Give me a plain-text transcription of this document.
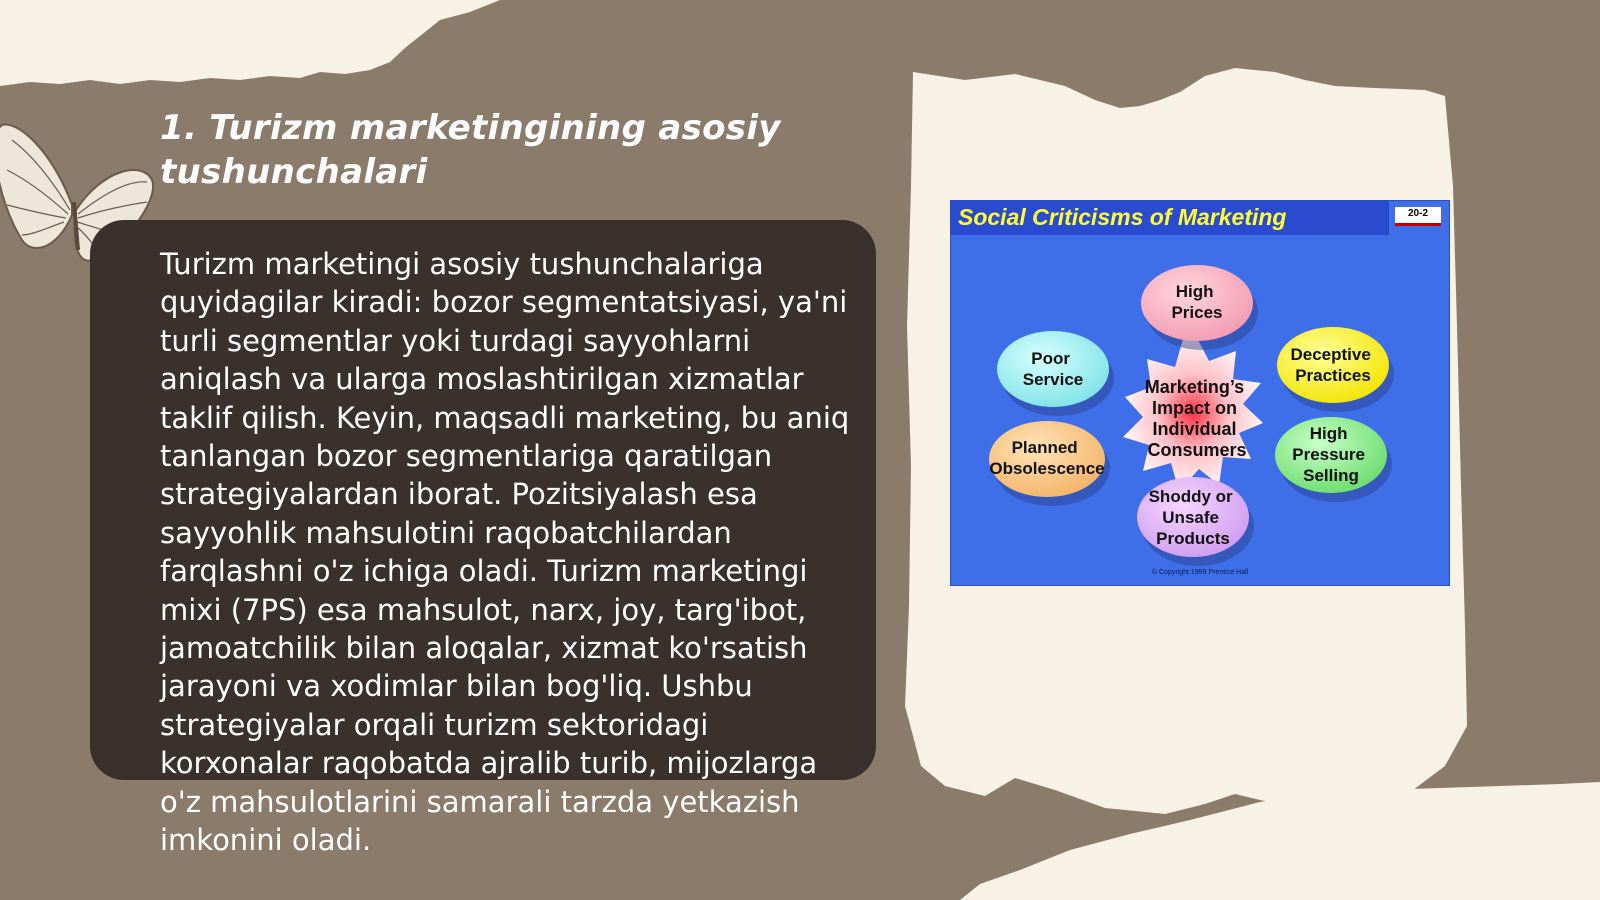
1. Turizm marketingining asosiy
tushunchalari

Turizm marketingi asosiy tushunchalariga quyidagilar kiradi: bozor segmentatsiyasi, ya'ni turli segmentlar yoki turdagi sayyohlarni aniqlash va ularga moslashtirilgan xizmatlar taklif qilish. Keyin, maqsadli marketing, bu aniq tanlangan bozor segmentlariga qaratilgan strategiyalardan iborat. Pozitsiyalash esa sayyohlik mahsulotini raqobatchilardan farqlashni o'z ichiga oladi. Turizm marketingi mixi (7PS) esa mahsulot, narx, joy, targ'ibot, jamoatchilik bilan aloqalar, xizmat ko'rsatish jarayoni va xodimlar bilan bog'liq. Ushbu strategiyalar orqali turizm sektoridagi korxonalar raqobatda ajralib turib, mijozlarga o'z mahsulotlarini samarali tarzda yetkazish imkonini oladi.

Social Criticisms of Marketing	20-2
High Prices
Deceptive Practices
High Pressure Selling
Shoddy or Unsafe Products
Planned Obsolescence
Poor Service	Marketing’s Impact on Individual Consumers
© Copyright 1999 Prentice Hall
